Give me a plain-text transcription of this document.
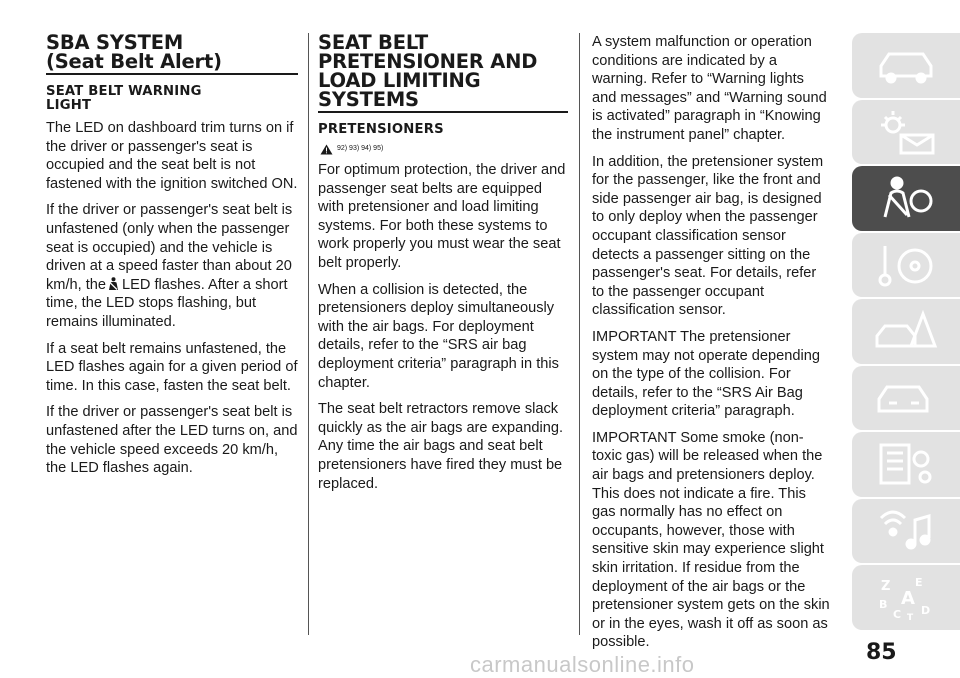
SBA SYSTEM
(Seat Belt Alert)
SEAT BELT WARNING
LIGHT

The LED on dashboard trim turns on if the driver or passenger's seat is occupied and the seat belt is not fastened with the ignition switched ON.

If the driver or passenger's seat belt is unfastened (only when the passenger seat is occupied) and the vehicle is driven at a speed faster than about 20 km/h, the LED flashes. After a short time, the LED stops flashing, but remains illuminated.

If a seat belt remains unfastened, the LED flashes again for a given period of time. In this case, fasten the seat belt.

If the driver or passenger's seat belt is unfastened after the LED turns on, and the vehicle speed exceeds 20 km/h, the LED flashes again.

SEAT BELT
PRETENSIONER AND
LOAD LIMITING
SYSTEMS
PRETENSIONERS
92) 93) 94) 95)

For optimum protection, the driver and passenger seat belts are equipped with pretensioner and load limiting systems. For both these systems to work properly you must wear the seat belt properly.

When a collision is detected, the pretensioners deploy simultaneously with the air bags. For deployment details, refer to the “SRS air bag deployment criteria” paragraph in this chapter.

The seat belt retractors remove slack quickly as the air bags are expanding. Any time the air bags and seat belt pretensioners have fired they must be replaced.

A system malfunction or operation conditions are indicated by a warning. Refer to “Warning lights and messages” and “Warning sound is activated” paragraph in “Knowing the instrument panel” chapter.

In addition, the pretensioner system for the passenger, like the front and side passenger air bag, is designed to only deploy when the passenger occupant classification sensor detects a passenger sitting on the passenger's seat. For details, refer to the passenger occupant classification sensor.

IMPORTANT The pretensioner system may not operate depending on the type of the collision. For details, refer to the “SRS Air Bag deployment criteria” paragraph.

IMPORTANT Some smoke (non-toxic gas) will be released when the air bags and pretensioners deploy. This does not indicate a fire. This gas normally has no effect on occupants, however, those with sensitive skin may experience slight skin irritation. If residue from the deployment of the air bags or the pretensioner system gets on the skin or in the eyes, wash it off as soon as possible.

Z E
A
B
C D
T
85
carmanualsonline.info
